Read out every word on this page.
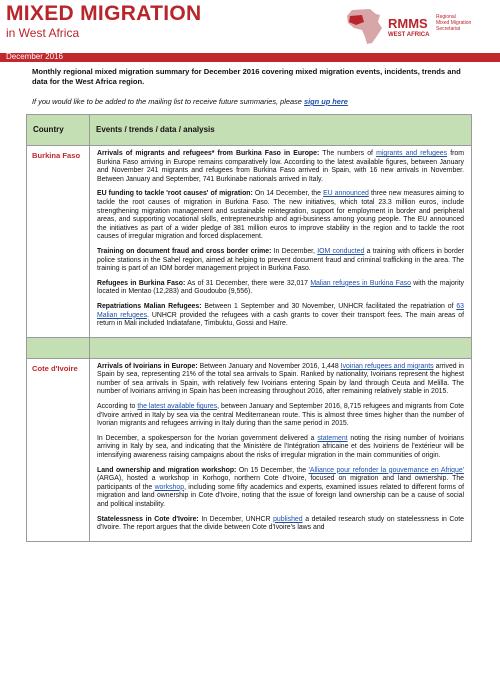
MIXED MIGRATION
in West Africa
RMMS
WEST AFRICA
Regional
Mixed Migration
Secretariat
December 2016
Monthly regional mixed migration summary for December 2016 covering mixed migration events, incidents, trends and data for the West Africa region.
If you would like to be added to the mailing list to receive future summaries, please sign up here
Country	Events / trends / data / analysis
Burkina Faso	Arrivals of migrants and refugees* from Burkina Faso in Europe: The numbers of migrants and refugees from Burkina Faso arriving in Europe remains comparatively low. According to the latest available figures, between January and November 241 migrants and refugees from Burkina Faso arrived in Spain, with 16 new arrivals in November. Between January and September, 741 Burkinabe nationals arrived in Italy.

EU funding to tackle 'root causes' of migration: On 14 December, the EU announced three new measures aiming to tackle the root causes of migration in Burkina Faso. The new initiatives, which total 23.3 million euros, include strengthening migration management and sustainable reintegration, support for employment in border and peripheral areas, and supporting vocational skills, entrepreneurship and agri-business among young people. The EU announced the initiatives as part of a wider pledge of 381 million euros to improve stability in the region and to tackle the root causes of irregular migration and forced displacement.

Training on document fraud and cross border crime: In December, IOM conducted a training with officers in border police stations in the Sahel region, aimed at helping to prevent document fraud and criminal trafficking in the area. The training is part of an IOM border management project in Burkina Faso.

Refugees in Burkina Faso: As of 31 December, there were 32,017 Malian refugees in Burkina Faso with the majority located in Mentao (12,283) and Goudoubo (9,556).

Repatriations Malian Refugees: Between 1 September and 30 November, UNHCR facilitated the repatriation of 63 Malian refugees. UNHCR provided the refugees with a cash grants to cover their transport fees. The main areas of return in Mali included Indiatafane, Timbuktu, Gossi and Haïre.

Cote d'Ivoire	Arrivals of Ivoirians in Europe: Between January and November 2016, 1,448 Ivoirian refugees and migrants arrived in Spain by sea, representing 21% of the total sea arrivals to Spain. Ranked by nationality, Ivoirians represent the highest number of sea arrivals in Spain, with relatively few Ivoirians entering Spain by land through Ceuta and Melilla. The number of Ivoirians arriving in Spain has been increasing throughout 2016, after remaining relatively stable in 2015.

According to the latest available figures, between January and September 2016, 8,715 refugees and migrants from Cote d'Ivoire arrived in Italy by sea via the central Mediterranean route. This is almost three times higher than the number of Ivorian migrants and refugees arriving in Italy during than the same period in 2015.

In December, a spokesperson for the Ivorian government delivered a statement noting the rising number of Ivoirians arriving in Italy by sea, and indicating that the Ministère de l'Intégration africaine et des Ivoiriens de l'extérieur will be intensifying awareness raising campaigns about the risks of irregular migration in the main communities of origin.

Land ownership and migration workshop: On 15 December, the 'Alliance pour refonder la gouvernance en Afrique' (ARGA), hosted a workshop in Korhogo, northern Cote d'Ivoire, focused on migration and land ownership. The participants of the workshop, including some fifty academics and experts, examined issues related to different forms of migration and land ownership in Cote d'Ivoire, noting that the issue of foreign land ownership can be a cause of social and political instability.

Statelessness in Cote d'Ivoire: In December, UNHCR published a detailed research study on statelessness in Cote d'Ivoire. The report argues that the divide between Cote d'Ivoire's laws and
